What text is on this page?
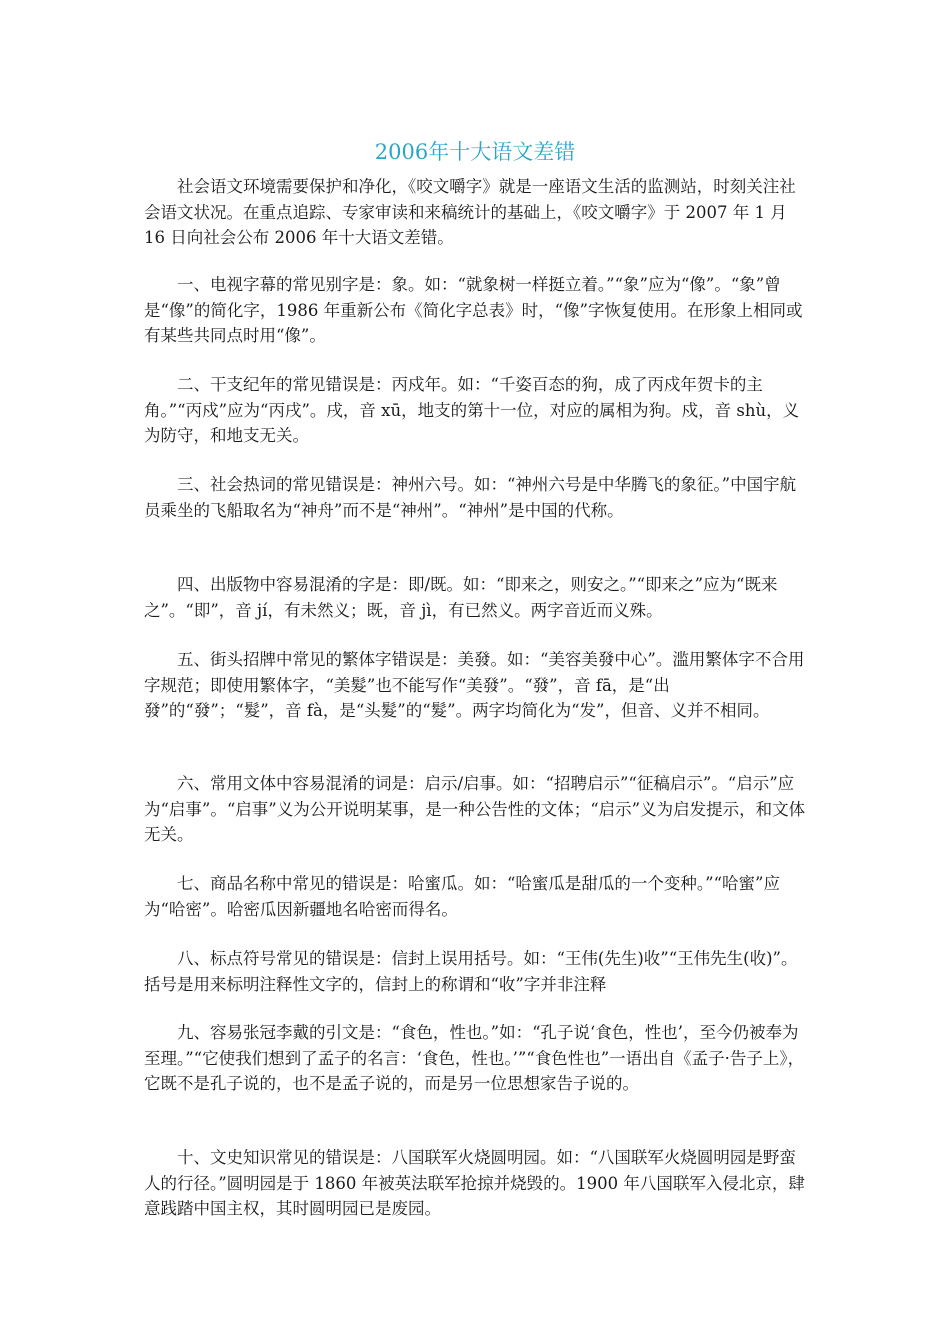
2006年十大语文差错

社会语文环境需要保护和净化，《咬文嚼字》就是一座语文生活的监测站，时刻关注社会语文状况。在重点追踪、专家审读和来稿统计的基础上，《咬文嚼字》于 2007 年 1 月 16 日向社会公布 2006 年十大语文差错。

一、电视字幕的常见别字是：象。如：“就象树一样挺立着。”“象”应为“像”。“象”曾是“像”的简化字，1986 年重新公布《简化字总表》时，“像”字恢复使用。在形象上相同或有某些共同点时用“像”。

二、干支纪年的常见错误是：丙戍年。如：“千姿百态的狗，成了丙戍年贺卡的主角。”“丙戍”应为“丙戌”。戌，音 xū，地支的第十一位，对应的属相为狗。戍，音 shù，义为防守，和地支无关。

三、社会热词的常见错误是：神州六号。如：“神州六号是中华腾飞的象征。”中国宇航员乘坐的飞船取名为“神舟”而不是“神州”。“神州”是中国的代称。

四、出版物中容易混淆的字是：即/既。如：“即来之，则安之。”“即来之”应为“既来之”。“即”，音 jí，有未然义；既，音 jì，有已然义。两字音近而义殊。

五、街头招牌中常见的繁体字错误是：美發。如：“美容美發中心”。滥用繁体字不合用字规范；即使用繁体字，“美髮”也不能写作“美發”。“發”，音 fā，是“出發”的“發”；“髮”，音 fà，是“头髮”的“髮”。两字均简化为“发”，但音、义并不相同。

六、常用文体中容易混淆的词是：启示/启事。如：“招聘启示”“征稿启示”。“启示”应为“启事”。“启事”义为公开说明某事，是一种公告性的文体；“启示”义为启发提示，和文体无关。

七、商品名称中常见的错误是：哈蜜瓜。如：“哈蜜瓜是甜瓜的一个变种。”“哈蜜”应为“哈密”。哈密瓜因新疆地名哈密而得名。

八、标点符号常见的错误是：信封上误用括号。如：“王伟(先生)收”“王伟先生(收)”。括号是用来标明注释性文字的，信封上的称谓和“收”字并非注释

九、容易张冠李戴的引文是：“食色，性也。”如：“孔子说‘食色，性也’，至今仍被奉为至理。”“它使我们想到了孟子的名言：‘食色，性也。’”“食色性也”一语出自《孟子·告子上》，它既不是孔子说的，也不是孟子说的，而是另一位思想家告子说的。

十、文史知识常见的错误是：八国联军火烧圆明园。如：“八国联军火烧圆明园是野蛮人的行径。”圆明园是于 1860 年被英法联军抢掠并烧毁的。1900 年八国联军入侵北京，肆意践踏中国主权，其时圆明园已是废园。
